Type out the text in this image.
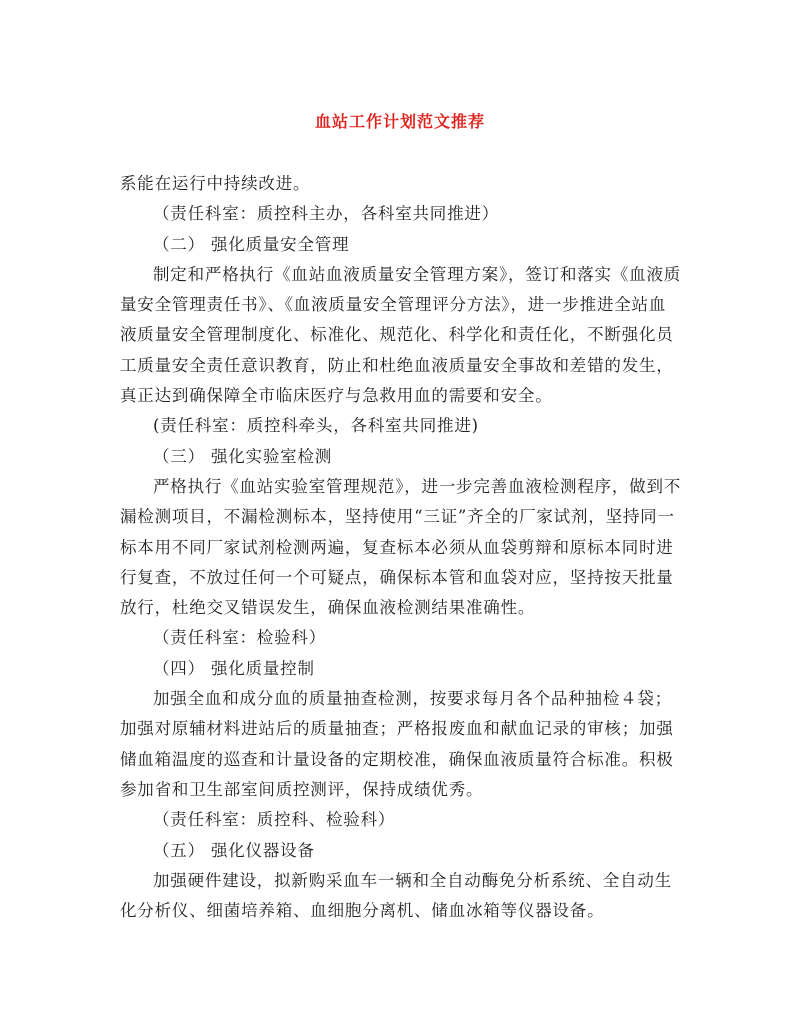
血站工作计划范文推荐

系能在运行中持续改进。

（责任科室：质控科主办，各科室共同推进）

（二） 强化质量安全管理

制定和严格执行《血站血液质量安全管理方案》，签订和落实《血液质量安全管理责任书》、《血液质量安全管理评分方法》，进一步推进全站血液质量安全管理制度化、标准化、规范化、科学化和责任化，不断强化员工质量安全责任意识教育，防止和杜绝血液质量安全事故和差错的发生，真正达到确保障全市临床医疗与急救用血的需要和安全。

(责任科室：质控科牵头，各科室共同推进)

（三） 强化实验室检测

严格执行《血站实验室管理规范》，进一步完善血液检测程序，做到不漏检测项目，不漏检测标本，坚持使用“三证”齐全的厂家试剂，坚持同一标本用不同厂家试剂检测两遍，复查标本必须从血袋剪辩和原标本同时进行复查，不放过任何一个可疑点，确保标本管和血袋对应，坚持按天批量放行，杜绝交叉错误发生，确保血液检测结果准确性。

（责任科室：检验科）

（四） 强化质量控制

加强全血和成分血的质量抽查检测，按要求每月各个品种抽检４袋；加强对原辅材料进站后的质量抽查；严格报废血和献血记录的审核；加强储血箱温度的巡查和计量设备的定期校准，确保血液质量符合标准。积极参加省和卫生部室间质控测评，保持成绩优秀。

（责任科室：质控科、检验科）

（五） 强化仪器设备

加强硬件建设，拟新购采血车一辆和全自动酶免分析系统、全自动生化分析仪、细菌培养箱、血细胞分离机、储血冰箱等仪器设备。
